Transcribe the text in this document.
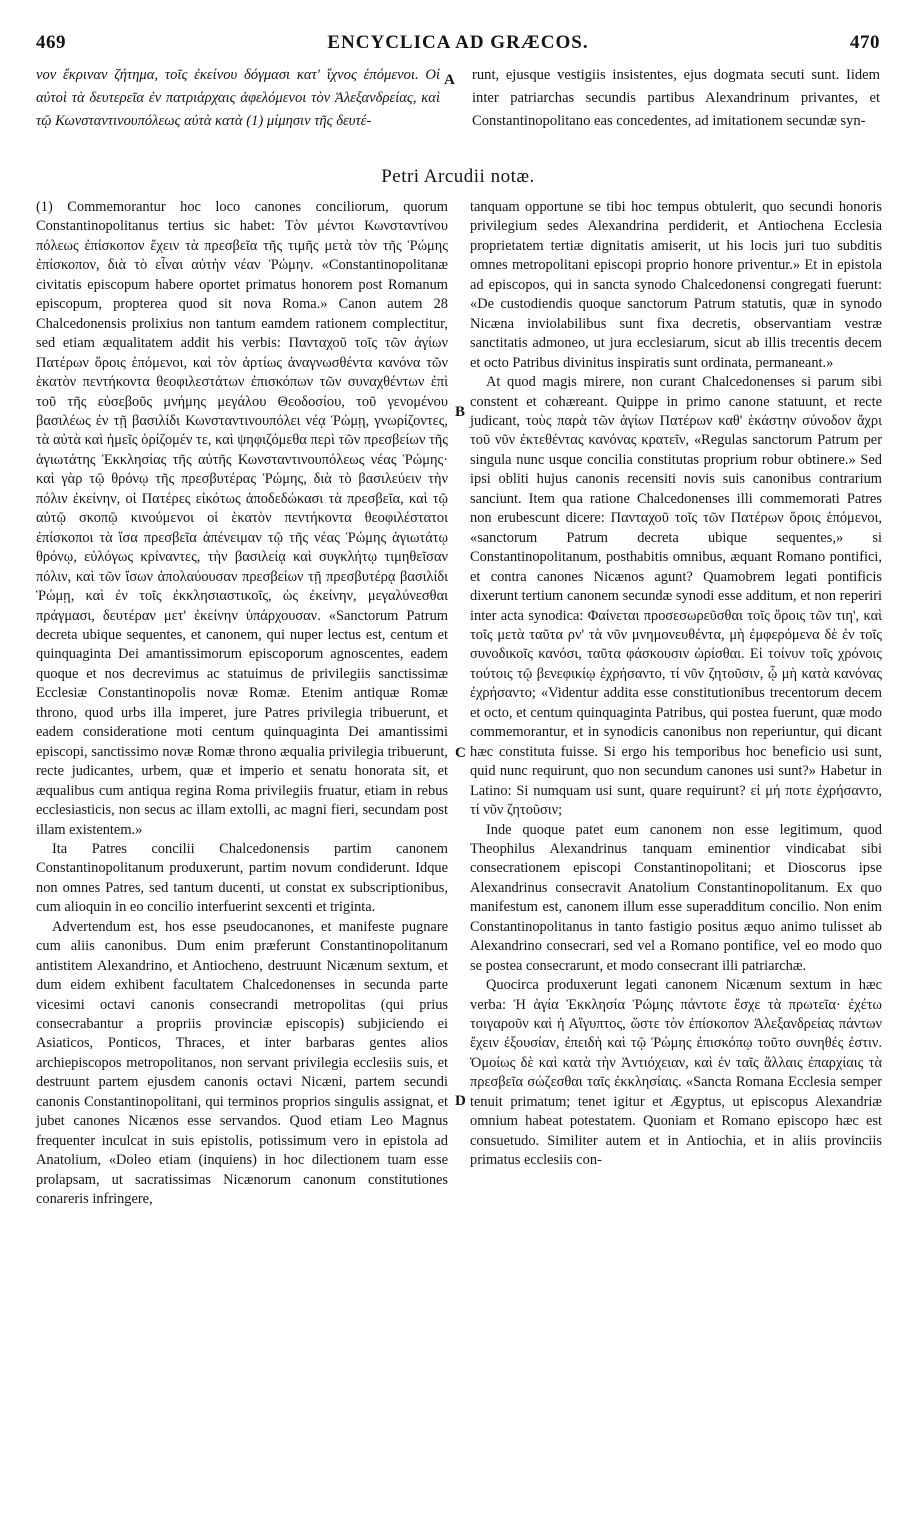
469	ENCYCLICA AD GRÆCOS.	470
νον ἔκριναν ζήτημα, τοῖς ἐκείνου δόγμασι κατ' ἴχνος ἑπόμενοι. Οἱ αὐτοὶ τὰ δευτερεῖα ἐν πατριάρχαις ἀφελόμενοι τὸν Ἀλεξανδρείας, καὶ τῷ Κωνσταντινουπόλεως αὐτὰ κατὰ (1) μίμησιν τῆς δευτέ-
runt, ejusque vestigiis insistentes, ejus dogmata secuti sunt. Iidem inter patriarchas secundis partibus Alexandrinum privantes, et Constantinopolitano eas concedentes, ad imitationem secundæ syn-
A
Petri Arcudii notæ.

(1) Commemorantur hoc loco canones conciliorum, quorum Constantinopolitanus tertius sic habet: Τὸν μέντοι Κωνσταντίνου πόλεως ἐπίσκοπον ἔχειν τὰ πρεσβεῖα τῆς τιμῆς μετὰ τὸν τῆς Ῥώμης ἐπίσκοπον, διὰ τὸ εἶναι αὐτὴν νέαν Ῥώμην. «Constantinopolitanæ civitatis episcopum habere oportet primatus honorem post Romanum episcopum, propterea quod sit nova Roma.» Canon autem 28 Chalcedonensis prolixius non tantum eamdem rationem complectitur, sed etiam æqualitatem addit his verbis: Πανταχοῦ τοῖς τῶν ἁγίων Πατέρων ὅροις ἑπόμενοι, καὶ τὸν ἀρτίως ἀναγνωσθέντα κανόνα τῶν ἑκατὸν πεντήκοντα θεοφιλεστάτων ἐπισκόπων τῶν συναχθέντων ἐπὶ τοῦ τῆς εὐσεβοῦς μνήμης μεγάλου Θεοδοσίου, τοῦ γενομένου βασιλέως ἐν τῇ βασιλίδι Κωνσταντινουπόλει νέᾳ Ῥώμῃ, γνωρίζοντες, τὰ αὐτὰ καὶ ἡμεῖς ὁρίζομέν τε, καὶ ψηφιζόμεθα περὶ τῶν πρεσβείων τῆς ἁγιωτάτης Ἐκκλησίας τῆς αὐτῆς Κωνσταντινουπόλεως νέας Ῥώμης· καὶ γὰρ τῷ θρόνῳ τῆς πρεσβυτέρας Ῥώμης, διὰ τὸ βασιλεύειν τὴν πόλιν ἐκείνην, οἱ Πατέρες εἰκότως ἀποδεδώκασι τὰ πρεσβεῖα, καὶ τῷ αὐτῷ σκοπῷ κινούμενοι οἱ ἑκατὸν πεντήκοντα θεοφιλέστατοι ἐπίσκοποι τὰ ἴσα πρεσβεῖα ἀπένειμαν τῷ τῆς νέας Ῥώμης ἁγιωτάτῳ θρόνῳ, εὐλόγως κρίναντες, τὴν βασιλείᾳ καὶ συγκλήτῳ τιμηθεῖσαν πόλιν, καὶ τῶν ἴσων ἀπολαύουσαν πρεσβείων τῇ πρεσβυτέρᾳ βασιλίδι Ῥώμῃ, καὶ ἐν τοῖς ἐκκλησιαστικοῖς, ὡς ἐκείνην, μεγαλύνεσθαι πράγμασι, δευτέραν μετ' ἐκείνην ὑπάρχουσαν. «Sanctorum Patrum decreta ubique sequentes, et canonem, qui nuper lectus est, centum et quinquaginta Dei amantissimorum episcoporum agnoscentes, eadem quoque et nos decrevimus ac statuimus de privilegiis sanctissimæ Ecclesiæ Constantinopolis novæ Romæ. Etenim antiquæ Romæ throno, quod urbs illa imperet, jure Patres privilegia tribuerunt, et eadem consideratione moti centum quinquaginta Dei amantissimi episcopi, sanctissimo novæ Romæ throno æqualia privilegia tribuerunt, recte judicantes, urbem, quæ et imperio et senatu honorata sit, et æqualibus cum antiqua regina Roma privilegiis fruatur, etiam in rebus ecclesiasticis, non secus ac illam extolli, ac magni fieri, secundam post illam existentem.»

Ita Patres concilii Chalcedonensis partim canonem Constantinopolitanum produxerunt, partim novum condiderunt. Idque non omnes Patres, sed tantum ducenti, ut constat ex subscriptionibus, cum alioquin in eo concilio interfuerint sexcenti et triginta.

Advertendum est, hos esse pseudocanones, et manifeste pugnare cum aliis canonibus. Dum enim præferunt Constantinopolitanum antistitem Alexandrino, et Antiocheno, destruunt Nicænum sextum, et dum eidem exhibent facultatem Chalcedonenses in secunda parte vicesimi octavi canonis consecrandi metropolitas (qui prius consecrabantur a propriis provinciæ episcopis) subjiciendo ei Asiaticos, Ponticos, Thraces, et inter barbaras gentes alios archiepiscopos metropolitanos, non servant privilegia ecclesiis suis, et destruunt partem ejusdem canonis octavi Nicæni, partem secundi canonis Constantinopolitani, qui terminos proprios singulis assignat, et jubet canones Nicænos esse servandos. Quod etiam Leo Magnus frequenter inculcat in suis epistolis, potissimum vero in epistola ad Anatolium, «Doleo etiam (inquiens) in hoc dilectionem tuam esse prolapsam, ut sacratissimas Nicænorum canonum constitutiones conareris infringere,

tanquam opportune se tibi hoc tempus obtulerit, quo secundi honoris privilegium sedes Alexandrina perdiderit, et Antiochena Ecclesia proprietatem tertiæ dignitatis amiserit, ut his locis juri tuo subditis omnes metropolitani episcopi proprio honore priventur.» Et in epistola ad episcopos, qui in sancta synodo Chalcedonensi congregati fuerunt: «De custodiendis quoque sanctorum Patrum statutis, quæ in synodo Nicæna inviolabilibus sunt fixa decretis, observantiam vestræ sanctitatis admoneo, ut jura ecclesiarum, sicut ab illis trecentis decem et octo Patribus divinitus inspiratis sunt ordinata, permaneant.»

At quod magis mirere, non curant Chalcedonenses si parum sibi constent et cohæreant. Quippe in primo canone statuunt, et recte judicant, τοὺς παρὰ τῶν ἁγίων Πατέρων καθ' ἑκάστην σύνοδον ἄχρι τοῦ νῦν ἐκτεθέντας κανόνας κρατεῖν, «Regulas sanctorum Patrum per singula nunc usque concilia constitutas proprium robur obtinere.» Sed ipsi obliti hujus canonis recensiti novis suis canonibus contrarium sanciunt. Item qua ratione Chalcedonenses illi commemorati Patres non erubescunt dicere: Πανταχοῦ τοῖς τῶν Πατέρων ὅροις ἑπόμενοι, «sanctorum Patrum decreta ubique sequentes,» si Constantinopolitanum, posthabitis omnibus, æquant Romano pontifici, et contra canones Nicænos agunt? Quamobrem legati pontificis dixerunt tertium canonem secundæ synodi esse additum, et non reperiri inter acta synodica: Φαίνεται προσεσωρεῦσθαι τοῖς ὅροις τῶν τιη', καὶ τοῖς μετὰ ταῦτα ρν' τὰ νῦν μνημονευθέντα, μὴ ἐμφερόμενα δὲ ἐν τοῖς συνοδικοῖς κανόσι, ταῦτα φάσκουσιν ὡρίσθαι. Εἰ τοίνυν τοῖς χρόνοις τούτοις τῷ βενεφικίῳ ἐχρήσαντο, τί νῦν ζητοῦσιν, ᾧ μὴ κατὰ κανόνας ἐχρήσαντο; «Videntur addita esse constitutionibus trecentorum decem et octo, et centum quinquaginta Patribus, qui postea fuerunt, quæ modo commemorantur, et in synodicis canonibus non reperiuntur, qui dicant hæc constituta fuisse. Si ergo his temporibus hoc beneficio usi sunt, quid nunc requirunt, quo non secundum canones usi sunt?» Habetur in Latino: Si numquam usi sunt, quare requirunt? εἰ μή ποτε ἐχρήσαντο, τί νῦν ζητοῦσιν;

Inde quoque patet eum canonem non esse legitimum, quod Theophilus Alexandrinus tanquam eminentior vindicabat sibi consecrationem episcopi Constantinopolitani; et Dioscorus ipse Alexandrinus consecravit Anatolium Constantinopolitanum. Ex quo manifestum est, canonem illum esse superadditum concilio. Non enim Constantinopolitanus in tanto fastigio positus æquo animo tulisset ab Alexandrino consecrari, sed vel a Romano pontifice, vel eo modo quo se postea consecrarunt, et modo consecrant illi patriarchæ.

Quocirca produxerunt legati canonem Nicænum sextum in hæc verba: Ἡ ἁγία Ἐκκλησία Ῥώμης πάντοτε ἔσχε τὰ πρωτεῖα· ἐχέτω τοιγαροῦν καὶ ἡ Αἴγυπτος, ὥστε τὸν ἐπίσκοπον Ἀλεξανδρείας πάντων ἔχειν ἐξουσίαν, ἐπειδὴ καὶ τῷ Ῥώμης ἐπισκόπῳ τοῦτο συνηθές ἐστιν. Ὁμοίως δὲ καὶ κατὰ τὴν Ἀντιόχειαν, καὶ ἐν ταῖς ἄλλαις ἐπαρχίαις τὰ πρεσβεῖα σώζεσθαι ταῖς ἐκκλησίαις. «Sancta Romana Ecclesia semper tenuit primatum; tenet igitur et Ægyptus, ut episcopus Alexandriæ omnium habeat potestatem. Quoniam et Romano episcopo hæc est consuetudo. Similiter autem et in Antiochia, et in aliis provinciis primatus ecclesiis con-

B
C
D
